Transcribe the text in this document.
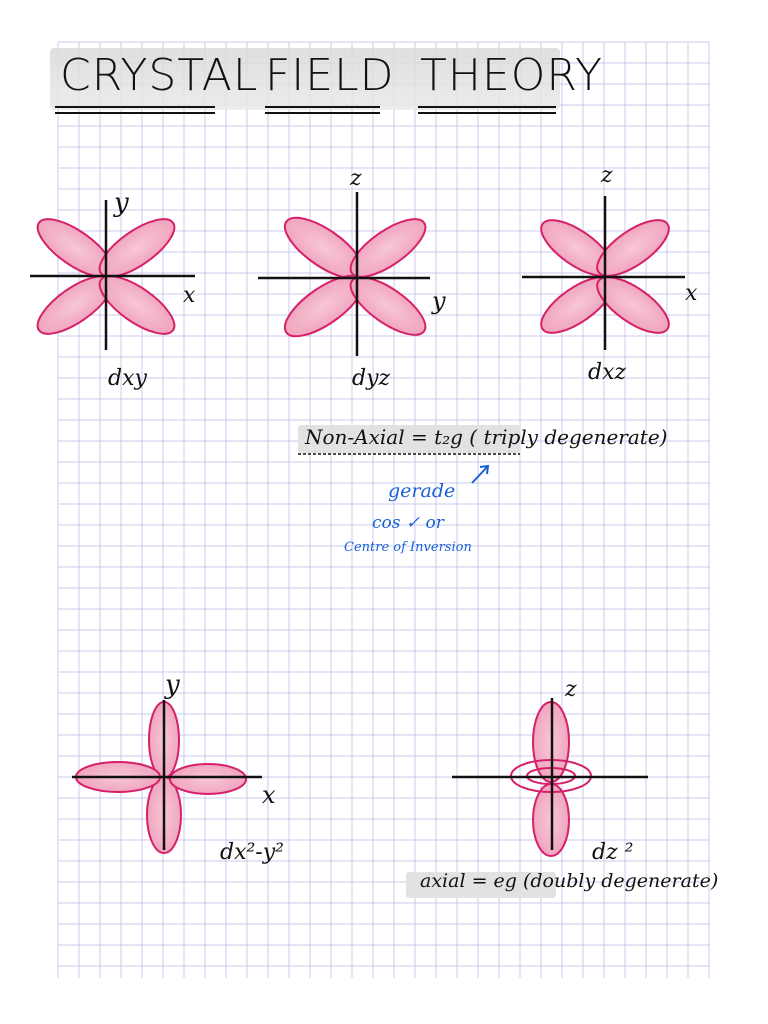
CRYSTAL FIELD THEORY
y
x
dxy
z
y
dyz
z
x
dxz
Non-Axial = t₂g ( triply degenerate)
gerade
cos ✓ or
Centre of Inversion
y
x
dx²-y²
z
dz ²
axial = eg (doubly degenerate)
